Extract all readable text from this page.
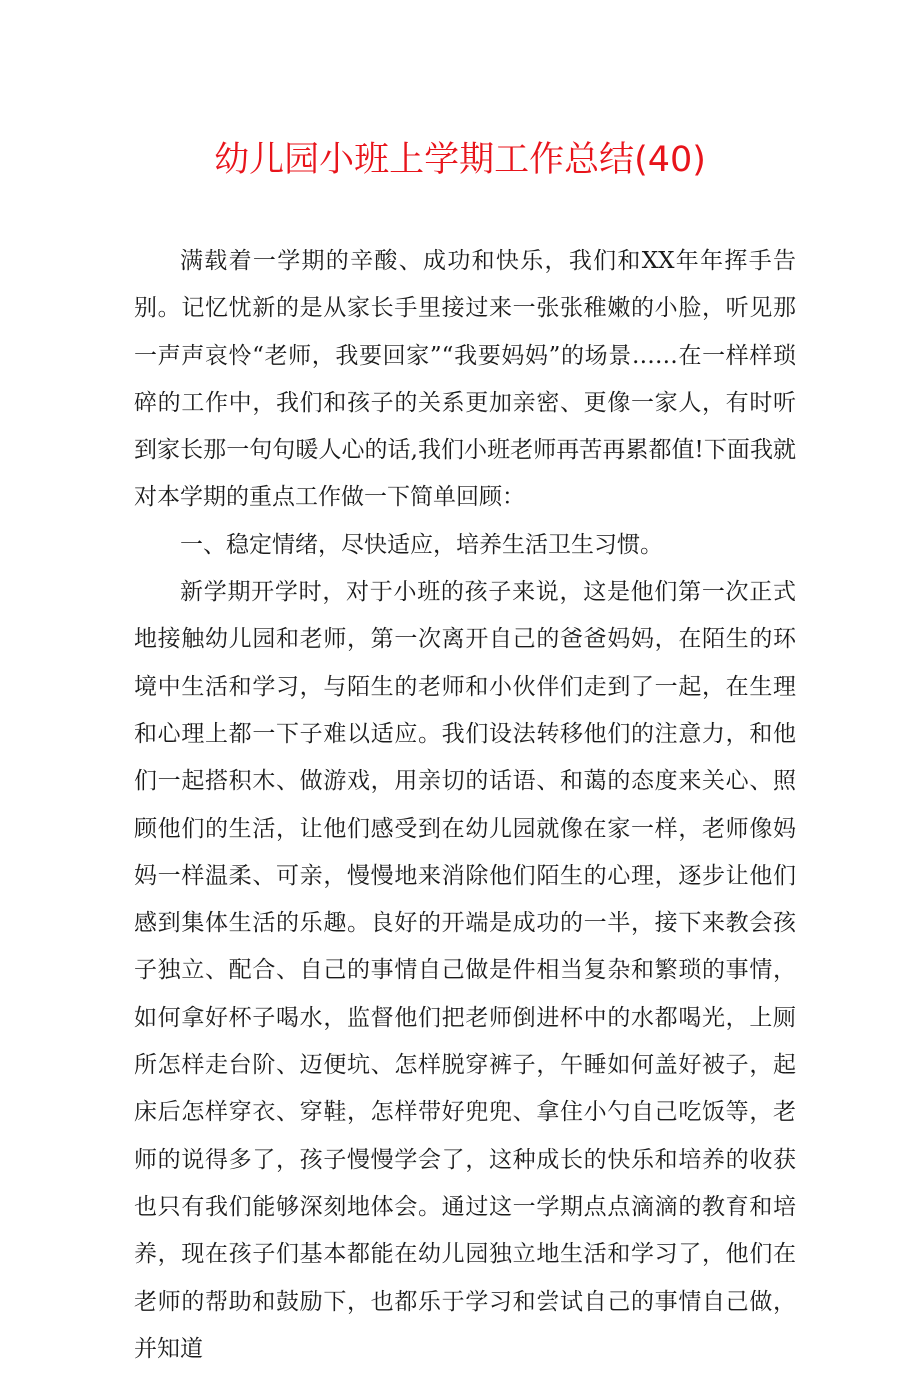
幼儿园小班上学期工作总结(40)

满载着一学期的辛酸、成功和快乐，我们和XX年年挥手告别。记忆忧新的是从家长手里接过来一张张稚嫩的小脸，听见那一声声哀怜“老师，我要回家”“我要妈妈”的场景……在一样样琐碎的工作中，我们和孩子的关系更加亲密、更像一家人，有时听到家长那一句句暖人心的话,我们小班老师再苦再累都值!下面我就对本学期的重点工作做一下简单回顾：

一、稳定情绪，尽快适应，培养生活卫生习惯。

新学期开学时，对于小班的孩子来说，这是他们第一次正式地接触幼儿园和老师，第一次离开自己的爸爸妈妈，在陌生的环境中生活和学习，与陌生的老师和小伙伴们走到了一起，在生理和心理上都一下子难以适应。我们设法转移他们的注意力，和他们一起搭积木、做游戏，用亲切的话语、和蔼的态度来关心、照顾他们的生活，让他们感受到在幼儿园就像在家一样，老师像妈妈一样温柔、可亲，慢慢地来消除他们陌生的心理，逐步让他们感到集体生活的乐趣。良好的开端是成功的一半，接下来教会孩子独立、配合、自己的事情自己做是件相当复杂和繁琐的事情，如何拿好杯子喝水，监督他们把老师倒进杯中的水都喝光，上厕所怎样走台阶、迈便坑、怎样脱穿裤子，午睡如何盖好被子，起床后怎样穿衣、穿鞋，怎样带好兜兜、拿住小勺自己吃饭等，老师的说得多了，孩子慢慢学会了，这种成长的快乐和培养的收获也只有我们能够深刻地体会。通过这一学期点点滴滴的教育和培养，现在孩子们基本都能在幼儿园独立地生活和学习了，他们在老师的帮助和鼓励下，也都乐于学习和尝试自己的事情自己做，并知道
